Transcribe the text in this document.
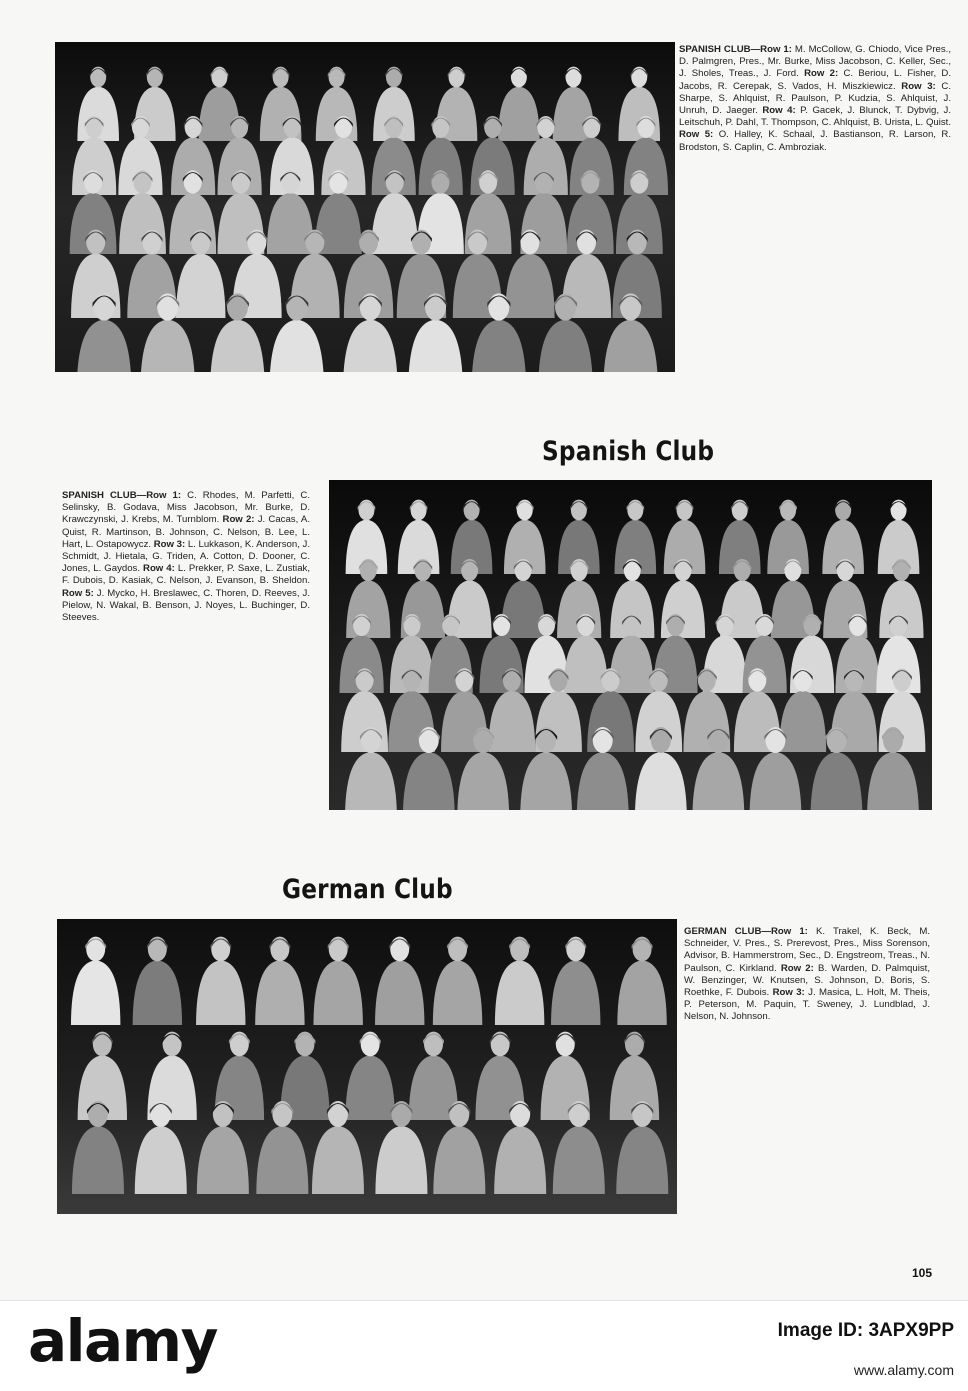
SPANISH CLUB—Row 1: M. McCollow, G. Chiodo, Vice Pres., D. Palmgren, Pres., Mr. Burke, Miss Jacobson, C. Keller, Sec., J. Sholes, Treas., J. Ford. Row 2: C. Beriou, L. Fisher, D. Jacobs, R. Cerepak, S. Vados, H. Miszkiewicz. Row 3: C. Sharpe, S. Ahlquist, R. Paulson, P. Kudzia, S. Ahlquist, J. Unruh, D. Jaeger. Row 4: P. Gacek, J. Blunck, T. Dybvig, J. Leitschuh, P. Dahl, T. Thompson, C. Ahlquist, B. Urista, L. Quist. Row 5: O. Halley, K. Schaal, J. Bastianson, R. Larson, R. Brodston, S. Caplin, C. Ambroziak.
Spanish Club
SPANISH CLUB—Row 1: C. Rhodes, M. Parfetti, C. Selinsky, B. Godava, Miss Jacobson, Mr. Burke, D. Krawczynski, J. Krebs, M. Turnblom. Row 2: J. Cacas, A. Quist, R. Martinson, B. Johnson, C. Nelson, B. Lee, L. Hart, L. Ostapowycz. Row 3: L. Lukkason, K. Anderson, J. Schmidt, J. Hietala, G. Triden, A. Cotton, D. Dooner, C. Jones, L. Gaydos. Row 4: L. Prekker, P. Saxe, L. Zustiak, F. Dubois, D. Kasiak, C. Nelson, J. Evanson, B. Sheldon. Row 5: J. Mycko, H. Breslawec, C. Thoren, D. Reeves, J. Pielow, N. Wakal, B. Benson, J. Noyes, L. Buchinger, D. Steeves.
German Club
GERMAN CLUB—Row 1: K. Trakel, K. Beck, M. Schneider, V. Pres., S. Prerevost, Pres., Miss Sorenson, Advisor, B. Hammerstrom, Sec., D. Engstreom, Treas., N. Paulson, C. Kirkland. Row 2: B. Warden, D. Palmquist, W. Benzinger, W. Knutsen, S. Johnson, D. Boris, S. Roethke, F. Dubois. Row 3: J. Masica, L. Holt, M. Theis, P. Peterson, M. Paquin, T. Sweney, J. Lundblad, J. Nelson, N. Johnson.
105
alamy	Image ID: 3APX9PP
www.alamy.com
